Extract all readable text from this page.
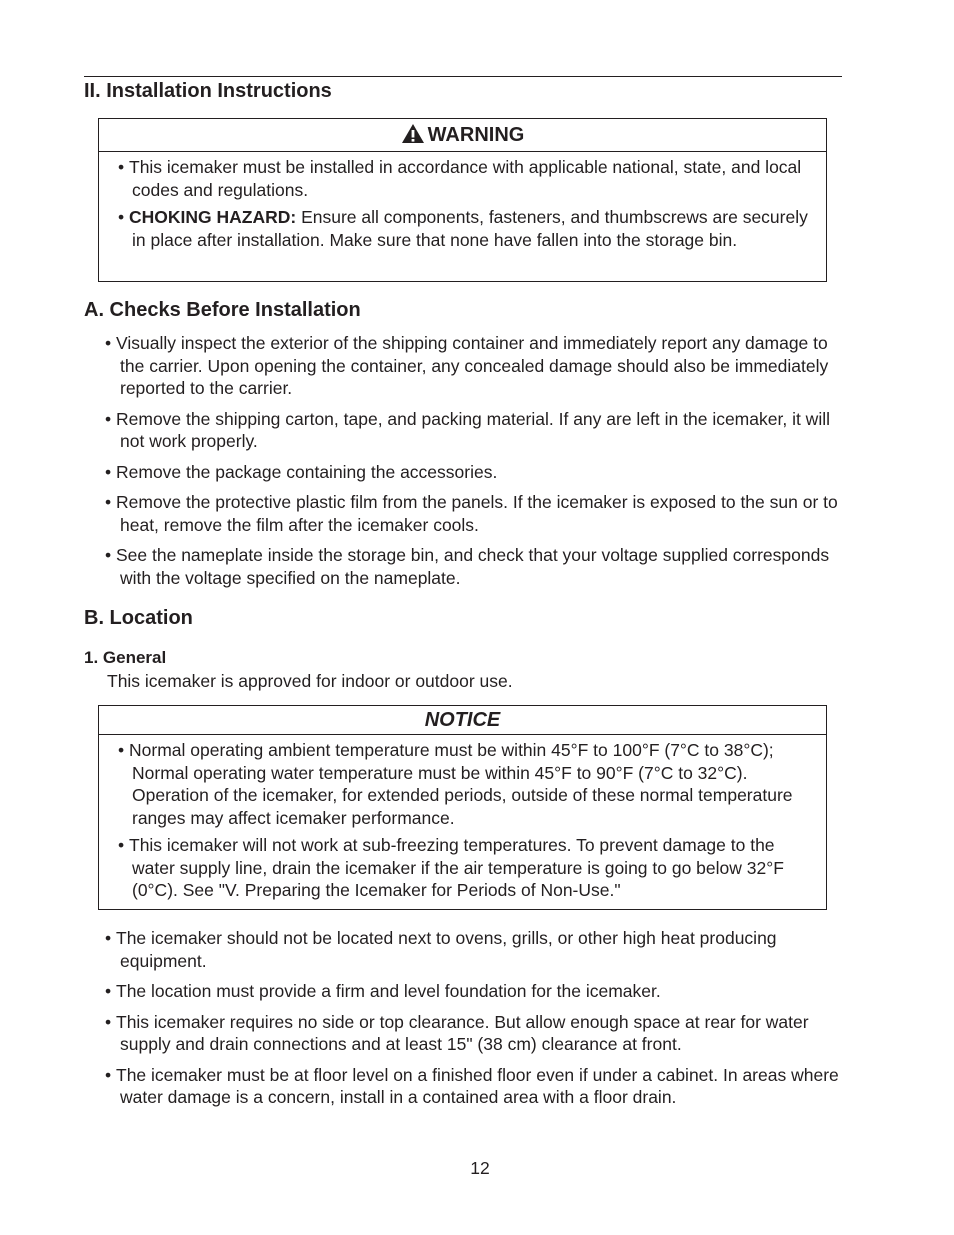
II. Installation Instructions
WARNING
• This icemaker must be installed in accordance with applicable national, state, and local codes and regulations.
• CHOKING HAZARD: Ensure all components, fasteners, and thumbscrews are securely in place after installation. Make sure that none have fallen into the storage bin.
A. Checks Before Installation
• Visually inspect the exterior of the shipping container and immediately report any damage to the carrier. Upon opening the container, any concealed damage should also be immediately reported to the carrier.
• Remove the shipping carton, tape, and packing material. If any are left in the icemaker, it will not work properly.
• Remove the package containing the accessories.
• Remove the protective plastic film from the panels. If the icemaker is exposed to the sun or to heat, remove the film after the icemaker cools.
• See the nameplate inside the storage bin, and check that your voltage supplied corresponds with the voltage specified on the nameplate.
B. Location
1. General
This icemaker is approved for indoor or outdoor use.
NOTICE
• Normal operating ambient temperature must be within 45°F to 100°F (7°C to 38°C); Normal operating water temperature must be within 45°F to 90°F (7°C to 32°C). Operation of the icemaker, for extended periods, outside of these normal temperature ranges may affect icemaker performance.
• This icemaker will not work at sub-freezing temperatures. To prevent damage to the water supply line, drain the icemaker if the air temperature is going to go below 32°F (0°C). See "V. Preparing the Icemaker for Periods of Non-Use."
• The icemaker should not be located next to ovens, grills, or other high heat producing equipment.
• The location must provide a firm and level foundation for the icemaker.
• This icemaker requires no side or top clearance. But allow enough space at rear for water supply and drain connections and at least 15" (38 cm) clearance at front.
• The icemaker must be at floor level on a finished floor even if under a cabinet. In areas where water damage is a concern, install in a contained area with a floor drain.
12
